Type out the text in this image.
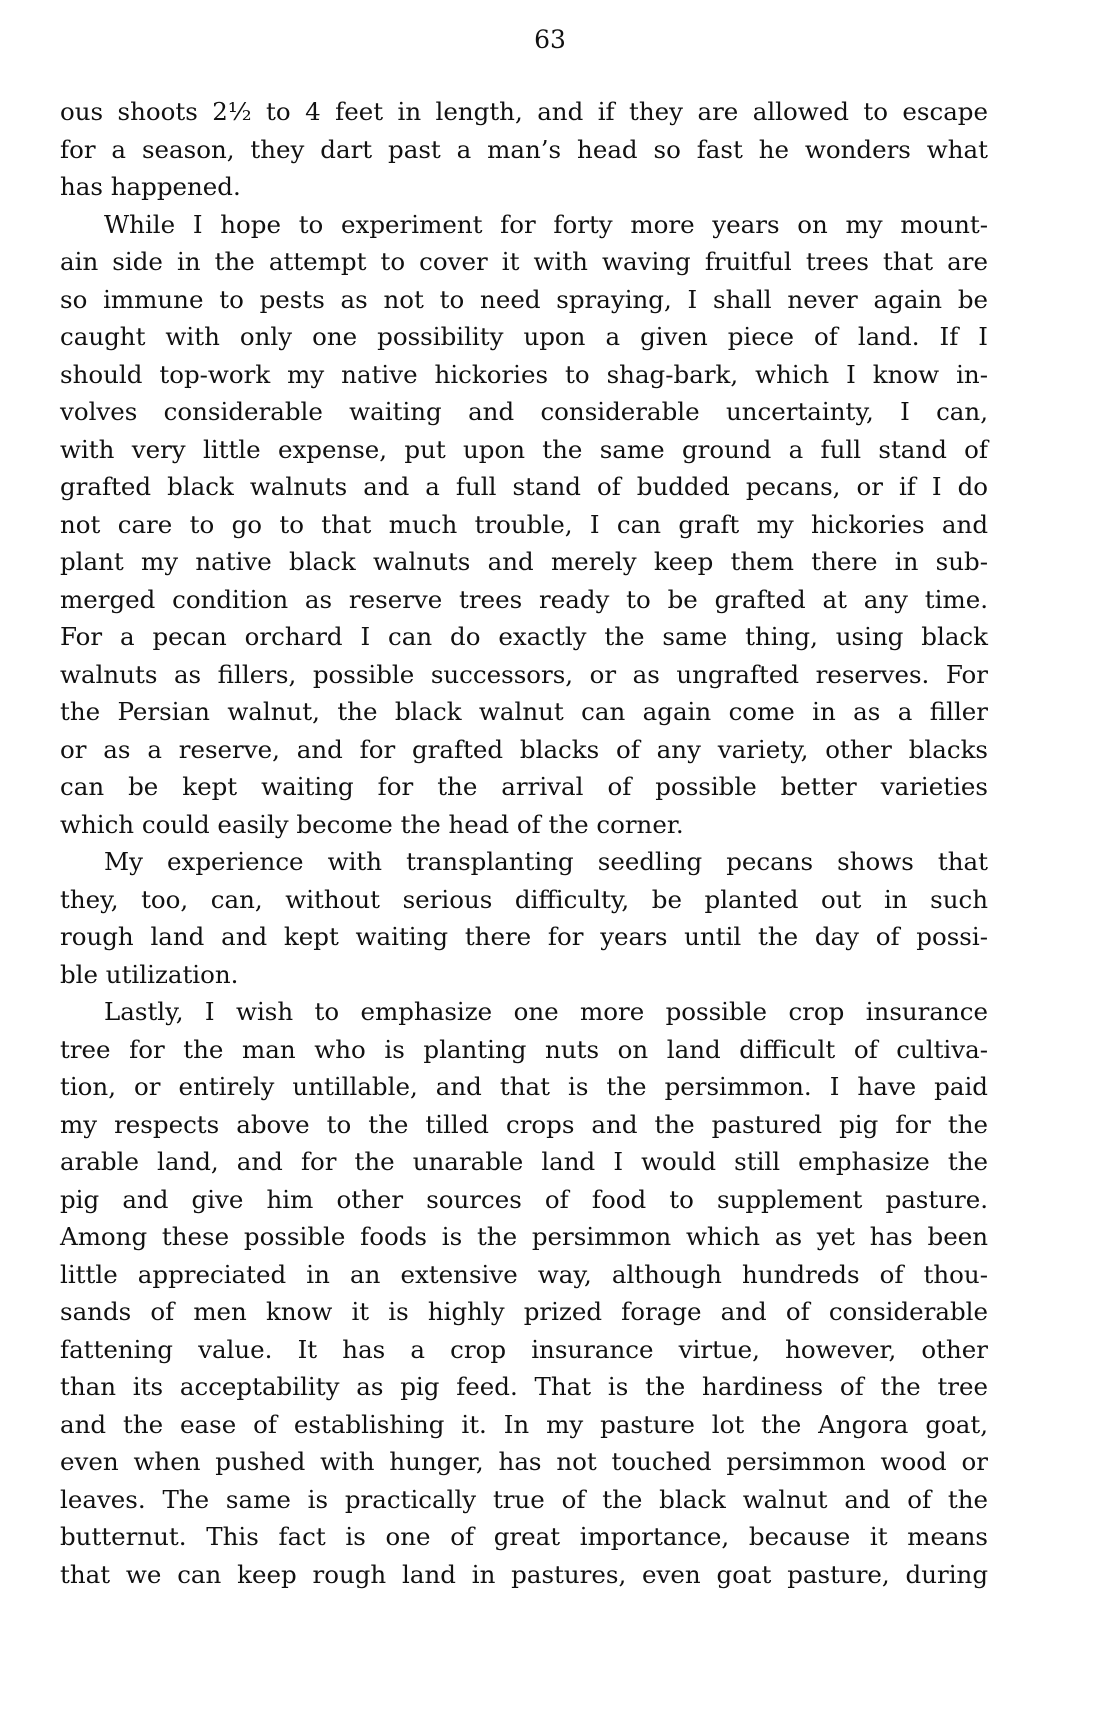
63
ous shoots 2½ to 4 feet in length, and if they are allowed to escape
for a season, they dart past a man’s head so fast he wonders what
has happened.
While I hope to experiment for forty more years on my mount-
ain side in the attempt to cover it with waving fruitful trees that are
so immune to pests as not to need spraying, I shall never again be
caught with only one possibility upon a given piece of land. If I
should top-work my native hickories to shag-bark, which I know in-
volves considerable waiting and considerable uncertainty, I can,
with very little expense, put upon the same ground a full stand of
grafted black walnuts and a full stand of budded pecans, or if I do
not care to go to that much trouble, I can graft my hickories and
plant my native black walnuts and merely keep them there in sub-
merged condition as reserve trees ready to be grafted at any time.
For a pecan orchard I can do exactly the same thing, using black
walnuts as fillers, possible successors, or as ungrafted reserves. For
the Persian walnut, the black walnut can again come in as a filler
or as a reserve, and for grafted blacks of any variety, other blacks
can be kept waiting for the arrival of possible better varieties
which could easily become the head of the corner.
My experience with transplanting seedling pecans shows that
they, too, can, without serious difficulty, be planted out in such
rough land and kept waiting there for years until the day of possi-
ble utilization.
Lastly, I wish to emphasize one more possible crop insurance
tree for the man who is planting nuts on land difficult of cultiva-
tion, or entirely untillable, and that is the persimmon. I have paid
my respects above to the tilled crops and the pastured pig for the
arable land, and for the unarable land I would still emphasize the
pig and give him other sources of food to supplement pasture.
Among these possible foods is the persimmon which as yet has been
little appreciated in an extensive way, although hundreds of thou-
sands of men know it is highly prized forage and of considerable
fattening value. It has a crop insurance virtue, however, other
than its acceptability as pig feed. That is the hardiness of the tree
and the ease of establishing it. In my pasture lot the Angora goat,
even when pushed with hunger, has not touched persimmon wood or
leaves. The same is practically true of the black walnut and of the
butternut. This fact is one of great importance, because it means
that we can keep rough land in pastures, even goat pasture, during
